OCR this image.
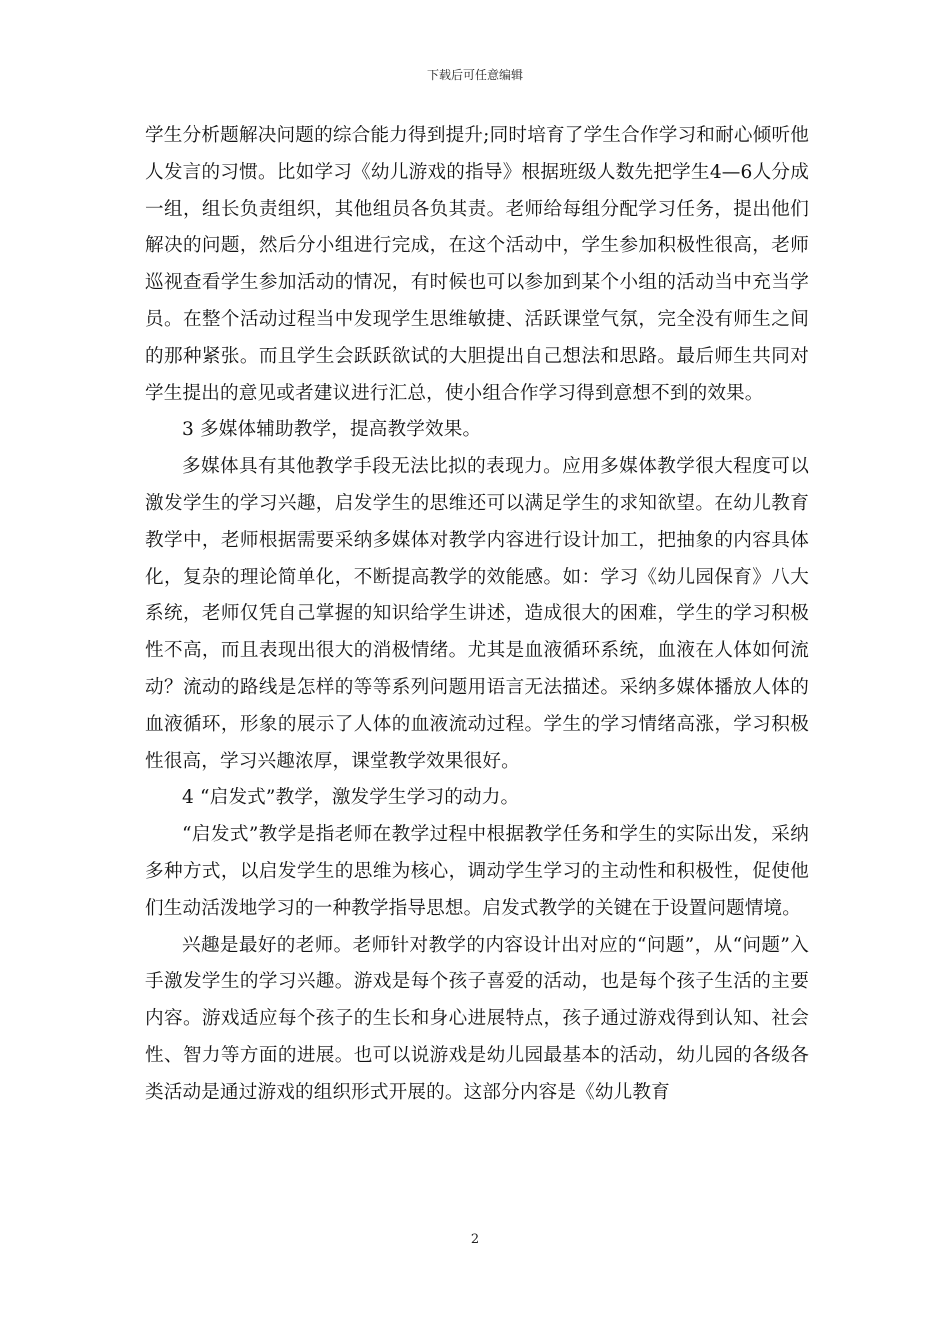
下载后可任意编辑

学生分析题解决问题的综合能力得到提升;同时培育了学生合作学习和耐心倾听他人发言的习惯。比如学习《幼儿游戏的指导》根据班级人数先把学生4—6人分成一组，组长负责组织，其他组员各负其责。老师给每组分配学习任务，提出他们解决的问题，然后分小组进行完成，在这个活动中，学生参加积极性很高，老师巡视查看学生参加活动的情况，有时候也可以参加到某个小组的活动当中充当学员。在整个活动过程当中发现学生思维敏捷、活跃课堂气氛，完全没有师生之间的那种紧张。而且学生会跃跃欲试的大胆提出自己想法和思路。最后师生共同对学生提出的意见或者建议进行汇总，使小组合作学习得到意想不到的效果。

3 多媒体辅助教学，提高教学效果。

多媒体具有其他教学手段无法比拟的表现力。应用多媒体教学很大程度可以激发学生的学习兴趣，启发学生的思维还可以满足学生的求知欲望。在幼儿教育教学中，老师根据需要采纳多媒体对教学内容进行设计加工，把抽象的内容具体化，复杂的理论简单化，不断提高教学的效能感。如：学习《幼儿园保育》八大系统，老师仅凭自己掌握的知识给学生讲述，造成很大的困难，学生的学习积极性不高，而且表现出很大的消极情绪。尤其是血液循环系统，血液在人体如何流动？流动的路线是怎样的等等系列问题用语言无法描述。采纳多媒体播放人体的血液循环，形象的展示了人体的血液流动过程。学生的学习情绪高涨，学习积极性很高，学习兴趣浓厚，课堂教学效果很好。

4 “启发式”教学，激发学生学习的动力。

“启发式”教学是指老师在教学过程中根据教学任务和学生的实际出发，采纳多种方式，以启发学生的思维为核心，调动学生学习的主动性和积极性，促使他们生动活泼地学习的一种教学指导思想。启发式教学的关键在于设置问题情境。

兴趣是最好的老师。老师针对教学的内容设计出对应的“问题”，从“问题”入手激发学生的学习兴趣。游戏是每个孩子喜爱的活动，也是每个孩子生活的主要内容。游戏适应每个孩子的生长和身心进展特点，孩子通过游戏得到认知、社会性、智力等方面的进展。也可以说游戏是幼儿园最基本的活动，幼儿园的各级各类活动是通过游戏的组织形式开展的。这部分内容是《幼儿教育

2
